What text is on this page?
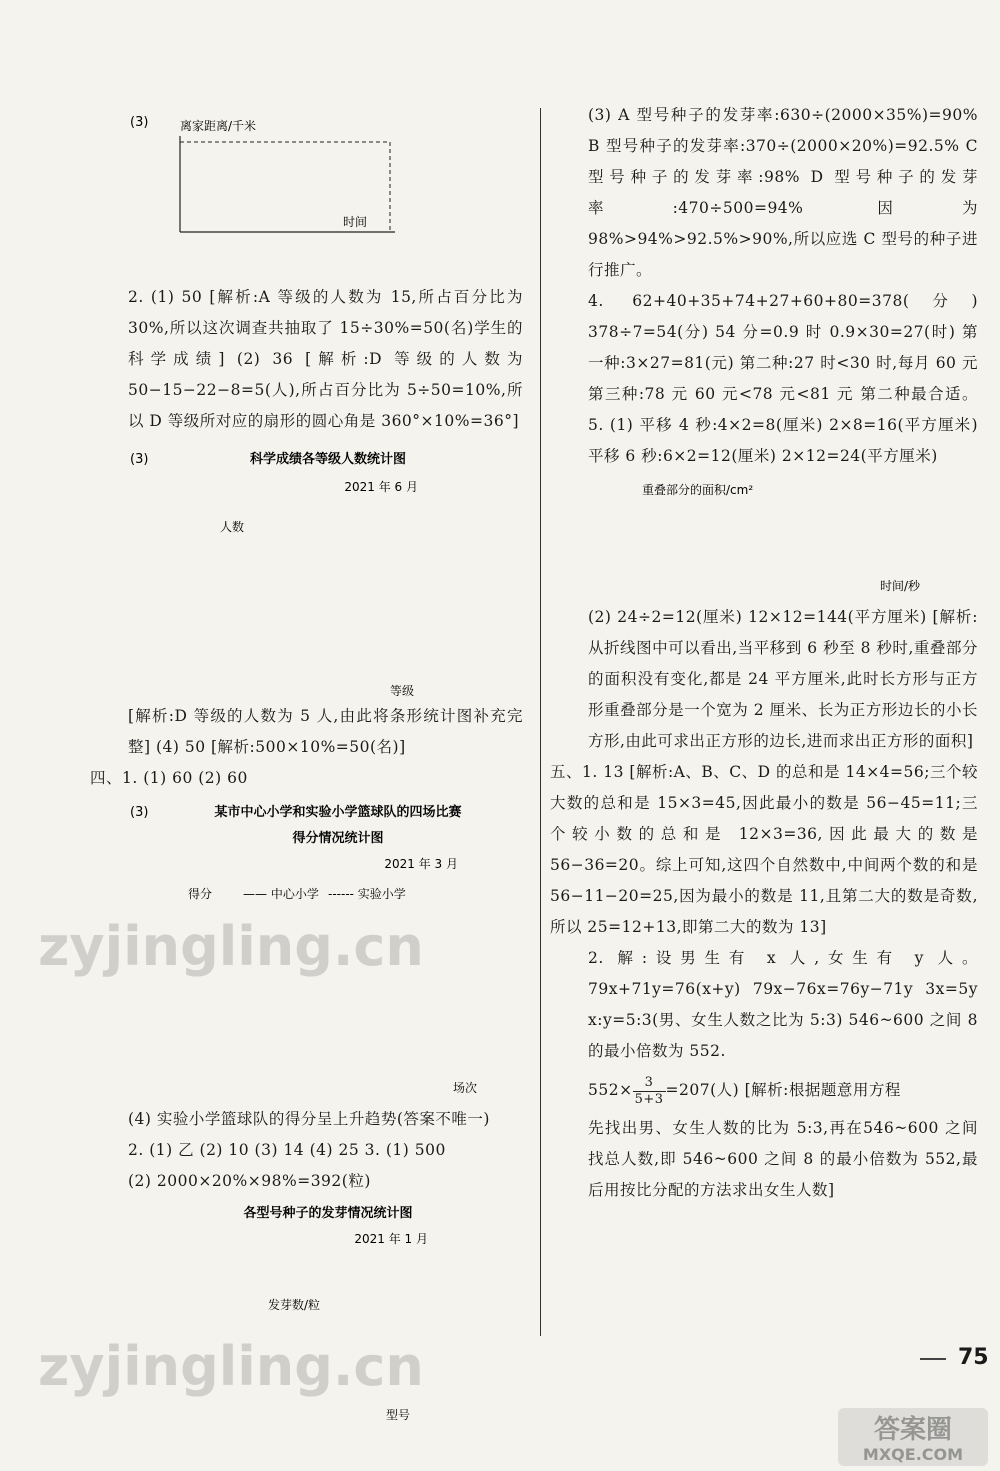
(3)	离家距离/千米
时间

2. (1) 50 [解析:A 等级的人数为 15,所占百分比为 30%,所以这次调查共抽取了 15÷30%=50(名)学生的科学成绩] (2) 36 [解析:D 等级的人数为 50−15−22−8=5(人),所占百分比为 5÷50=10%,所以 D 等级所对应的扇形的圆心角是 360°×10%=36°]

(3)	科学成绩各等级人数统计图
2021 年 6 月
人数
等级

[解析:D 等级的人数为 5 人,由此将条形统计图补充完整] (4) 50 [解析:500×10%=50(名)]

四、1. (1) 60 (2) 60

(3)	某市中心小学和实验小学篮球队的四场比赛
得分情况统计图
2021 年 3 月
得分	—— 中心小学 ------ 实验小学
场次

(4) 实验小学篮球队的得分呈上升趋势(答案不唯一)

2. (1) 乙 (2) 10 (3) 14 (4) 25 3. (1) 500

(2) 2000×20%×98%=392(粒)

各型号种子的发芽情况统计图
2021 年 1 月
发芽数/粒
型号

(3) A 型号种子的发芽率:630÷(2000×35%)=90% B 型号种子的发芽率:370÷(2000×20%)=92.5% C 型号种子的发芽率:98% D 型号种子的发芽率:470÷500=94% 因为 98%>94%>92.5%>90%,所以应选 C 型号的种子进行推广。

4. 62+40+35+74+27+60+80=378(分) 378÷7=54(分) 54 分=0.9 时 0.9×30=27(时) 第一种:3×27=81(元) 第二种:27 时<30 时,每月 60 元 第三种:78 元 60 元<78 元<81 元 第二种最合适。 5. (1) 平移 4 秒:4×2=8(厘米) 2×8=16(平方厘米) 平移 6 秒:6×2=12(厘米) 2×12=24(平方厘米)

重叠部分的面积/cm²
时间/秒

(2) 24÷2=12(厘米) 12×12=144(平方厘米) [解析:从折线图中可以看出,当平移到 6 秒至 8 秒时,重叠部分的面积没有变化,都是 24 平方厘米,此时长方形与正方形重叠部分是一个宽为 2 厘米、长为正方形边长的小长方形,由此可求出正方形的边长,进而求出正方形的面积]

五、1. 13 [解析:A、B、C、D 的总和是 14×4=56;三个较大数的总和是 15×3=45,因此最小的数是 56−45=11;三个较小数的总和是 12×3=36,因此最大的数是 56−36=20。综上可知,这四个自然数中,中间两个数的和是 56−11−20=25,因为最小的数是 11,且第二大的数是奇数,所以 25=12+13,即第二大的数为 13]

2. 解:设男生有 x 人,女生有 y 人。 79x+71y=76(x+y) 79x−76x=76y−71y 3x=5y x:y=5:3(男、女生人数之比为 5:3) 546~600 之间 8 的最小倍数为 552.

$552\times \frac{3}{5+3} =207$(人) [解析:根据题意用方程

先找出男、女生人数的比为 5:3,再在546~600 之间找总人数,即 546~600 之间 8 的最小倍数为 552,最后用按比分配的方法求出女生人数]

75
zyjingling.cn
zyjingling.cn
答案圈
MXQE.COM
